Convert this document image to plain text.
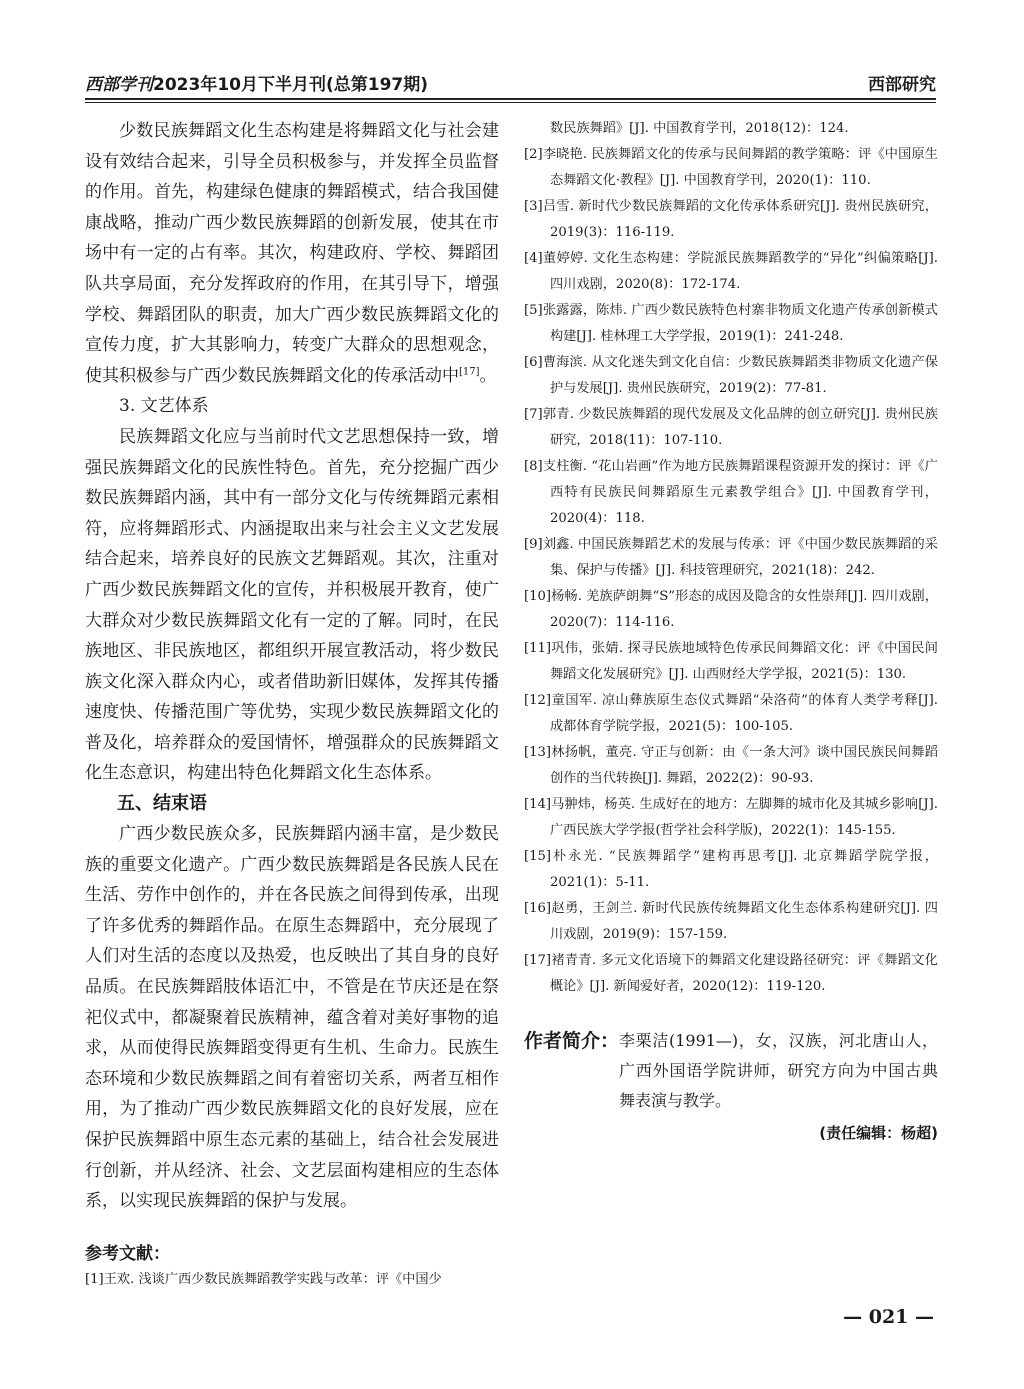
西部学刊2023年10月下半月刊(总第197期)	西部研究

少数民族舞蹈文化生态构建是将舞蹈文化与社会建设有效结合起来，引导全员积极参与，并发挥全员监督的作用。首先，构建绿色健康的舞蹈模式，结合我国健康战略，推动广西少数民族舞蹈的创新发展，使其在市场中有一定的占有率。其次，构建政府、学校、舞蹈团队共享局面，充分发挥政府的作用，在其引导下，增强学校、舞蹈团队的职责，加大广西少数民族舞蹈文化的宣传力度，扩大其影响力，转变广大群众的思想观念，使其积极参与广西少数民族舞蹈文化的传承活动中[17]。

3. 文艺体系

民族舞蹈文化应与当前时代文艺思想保持一致，增强民族舞蹈文化的民族性特色。首先，充分挖掘广西少数民族舞蹈内涵，其中有一部分文化与传统舞蹈元素相符，应将舞蹈形式、内涵提取出来与社会主义文艺发展结合起来，培养良好的民族文艺舞蹈观。其次，注重对广西少数民族舞蹈文化的宣传，并积极展开教育，使广大群众对少数民族舞蹈文化有一定的了解。同时，在民族地区、非民族地区，都组织开展宣教活动，将少数民族文化深入群众内心，或者借助新旧媒体，发挥其传播速度快、传播范围广等优势，实现少数民族舞蹈文化的普及化，培养群众的爱国情怀，增强群众的民族舞蹈文化生态意识，构建出特色化舞蹈文化生态体系。

五、结束语

广西少数民族众多，民族舞蹈内涵丰富，是少数民族的重要文化遗产。广西少数民族舞蹈是各民族人民在生活、劳作中创作的，并在各民族之间得到传承，出现了许多优秀的舞蹈作品。在原生态舞蹈中，充分展现了人们对生活的态度以及热爱，也反映出了其自身的良好品质。在民族舞蹈肢体语汇中，不管是在节庆还是在祭祀仪式中，都凝聚着民族精神，蕴含着对美好事物的追求，从而使得民族舞蹈变得更有生机、生命力。民族生态环境和少数民族舞蹈之间有着密切关系，两者互相作用，为了推动广西少数民族舞蹈文化的良好发展，应在保护民族舞蹈中原生态元素的基础上，结合社会发展进行创新，并从经济、社会、文艺层面构建相应的生态体系，以实现民族舞蹈的保护与发展。

参考文献：

[1]王欢. 浅谈广西少数民族舞蹈教学实践与改革：评《中国少

数民族舞蹈》[J]. 中国教育学刊，2018(12)：124.

[2]李晓艳. 民族舞蹈文化的传承与民间舞蹈的教学策略：评《中国原生态舞蹈文化·教程》[J]. 中国教育学刊，2020(1)：110.

[3]吕雪. 新时代少数民族舞蹈的文化传承体系研究[J]. 贵州民族研究，2019(3)：116-119.

[4]董婷婷. 文化生态构建：学院派民族舞蹈教学的“异化”纠偏策略[J]. 四川戏剧，2020(8)：172-174.

[5]张露露，陈炜. 广西少数民族特色村寨非物质文化遗产传承创新模式构建[J]. 桂林理工大学学报，2019(1)：241-248.

[6]曹海滨. 从文化迷失到文化自信：少数民族舞蹈类非物质文化遗产保护与发展[J]. 贵州民族研究，2019(2)：77-81.

[7]郭青. 少数民族舞蹈的现代发展及文化品牌的创立研究[J]. 贵州民族研究，2018(11)：107-110.

[8]支柱衡. “花山岩画”作为地方民族舞蹈课程资源开发的探讨：评《广西特有民族民间舞蹈原生元素教学组合》[J]. 中国教育学刊，2020(4)：118.

[9]刘鑫. 中国民族舞蹈艺术的发展与传承：评《中国少数民族舞蹈的采集、保护与传播》[J]. 科技管理研究，2021(18)：242.

[10]杨畅. 羌族萨朗舞“S”形态的成因及隐含的女性崇拜[J]. 四川戏剧，2020(7)：114-116.

[11]巩伟，张婧. 探寻民族地域特色传承民间舞蹈文化：评《中国民间舞蹈文化发展研究》[J]. 山西财经大学学报，2021(5)：130.

[12]童国军. 凉山彝族原生态仪式舞蹈“朵洛荷”的体育人类学考释[J]. 成都体育学院学报，2021(5)：100-105.

[13]林扬帆，董亮. 守正与创新：由《一条大河》谈中国民族民间舞蹈创作的当代转换[J]. 舞蹈，2022(2)：90-93.

[14]马翀炜，杨英. 生成好在的地方：左脚舞的城市化及其城乡影响[J]. 广西民族大学学报(哲学社会科学版)，2022(1)：145-155.

[15]朴永光. “民族舞蹈学”建构再思考[J]. 北京舞蹈学院学报，2021(1)：5-11.

[16]赵勇，王剑兰. 新时代民族传统舞蹈文化生态体系构建研究[J]. 四川戏剧，2019(9)：157-159.

[17]褚青青. 多元文化语境下的舞蹈文化建设路径研究：评《舞蹈文化概论》[J]. 新闻爱好者，2020(12)：119-120.

作者简介： 李栗洁(1991—)，女，汉族，河北唐山人，广西外国语学院讲师，研究方向为中国古典舞表演与教学。
(责任编辑：杨超)
— 021 —
